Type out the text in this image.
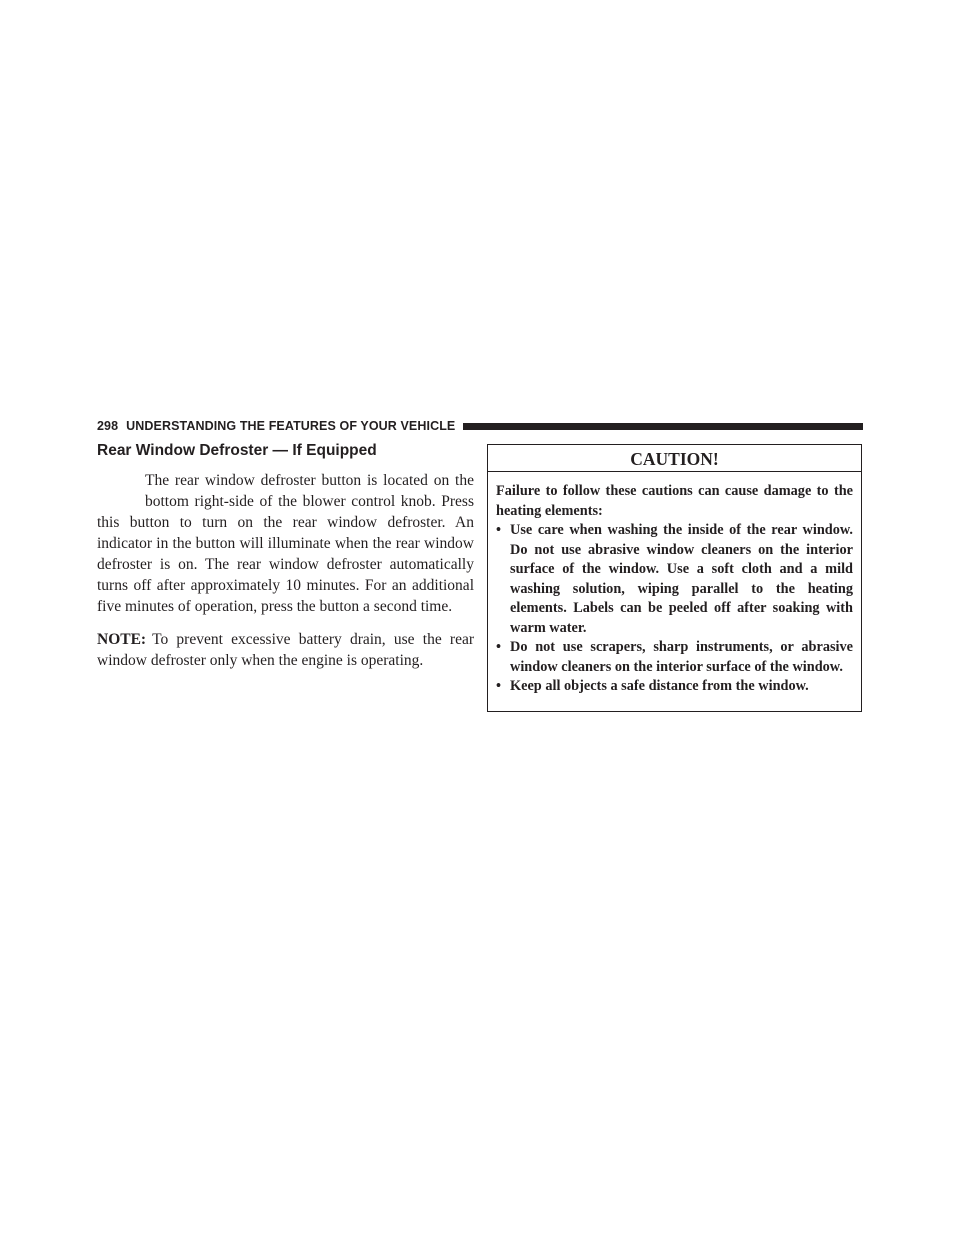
298 UNDERSTANDING THE FEATURES OF YOUR VEHICLE
Rear Window Defroster — If Equipped

The rear window defroster button is located on the bottom right-side of the blower control knob. Press this button to turn on the rear window defroster. An indicator in the button will illuminate when the rear window defroster is on. The rear window defroster automatically turns off after approximately 10 minutes. For an additional five minutes of operation, press the button a second time.

NOTE: To prevent excessive battery drain, use the rear window defroster only when the engine is operating.

CAUTION!

Failure to follow these cautions can cause damage to the heating elements:

• Use care when washing the inside of the rear window. Do not use abrasive window cleaners on the interior surface of the window. Use a soft cloth and a mild washing solution, wiping parallel to the heating elements. Labels can be peeled off after soaking with warm water.
• Do not use scrapers, sharp instruments, or abrasive window cleaners on the interior surface of the window.
• Keep all objects a safe distance from the window.
